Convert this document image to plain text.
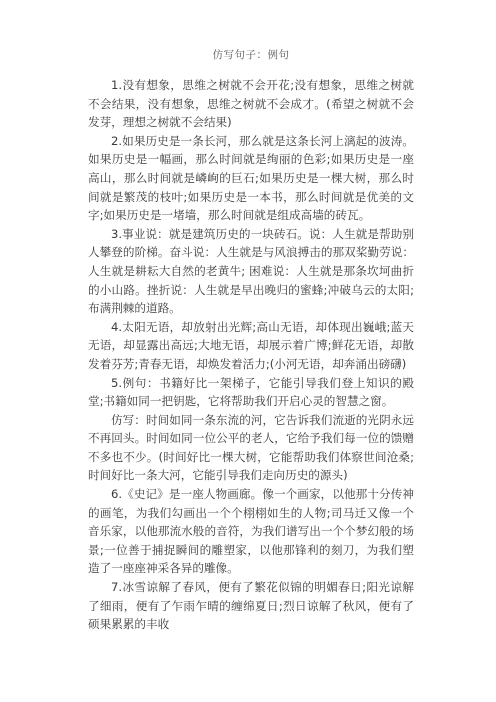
仿写句子：例句

1.没有想象，思维之树就不会开花;没有想象，思维之树就不会结果，没有想象，思维之树就不会成才。(希望之树就不会发芽，理想之树就不会结果)

2.如果历史是一条长河，那么就是这条长河上漓起的波涛。如果历史是一幅画，那么时间就是绚丽的色彩;如果历史是一座高山，那么时间就是嶙峋的巨石;如果历史是一棵大树，那么时间就是繁茂的枝叶;如果历史是一本书，那么时间就是优美的文字;如果历史是一堵墙，那么时间就是组成高墙的砖瓦。

3.事业说：就是建筑历史的一块砖石。说：人生就是帮助别人攀登的阶梯。奋斗说：人生就是与风浪搏击的那双桨勤劳说：人生就是耕耘大自然的老黄牛; 困难说：人生就是那条坎坷曲折的小山路。挫折说：人生就是早出晚归的蜜蜂;冲破乌云的太阳;布满荆棘的道路。

4.太阳无语，却放射出光辉;高山无语，却体现出巍峨;蓝天无语，却显露出高远;大地无语，却展示着广博;鲜花无语，却散发着芬芳;青春无语，却焕发着活力;(小河无语，却奔涌出磅礴)

5.例句：书籍好比一架梯子，它能引导我们登上知识的殿堂;书籍如同一把钥匙，它将帮助我们开启心灵的智慧之窗。

仿写：时间如同一条东流的河，它告诉我们流逝的光阴永远不再回头。时间如同一位公平的老人，它给予我们每一位的馈赠不多也不少。(时间好比一棵大树，它能帮助我们体察世间沧桑;时间好比一条大河，它能引导我们走向历史的源头)

6.《史记》是一座人物画廊。像一个画家，以他那十分传神的画笔，为我们勾画出一个个栩栩如生的人物;司马迁又像一个音乐家，以他那流水般的音符，为我们谱写出一个个梦幻般的场景;一位善于捕捉瞬间的雕塑家，以他那锋利的刻刀，为我们塑造了一座座神采各异的雕像。

7.冰雪谅解了春风，便有了繁花似锦的明媚春日;阳光谅解了细雨，便有了乍雨乍晴的缠绵夏日;烈日谅解了秋风，便有了硕果累累的丰收
